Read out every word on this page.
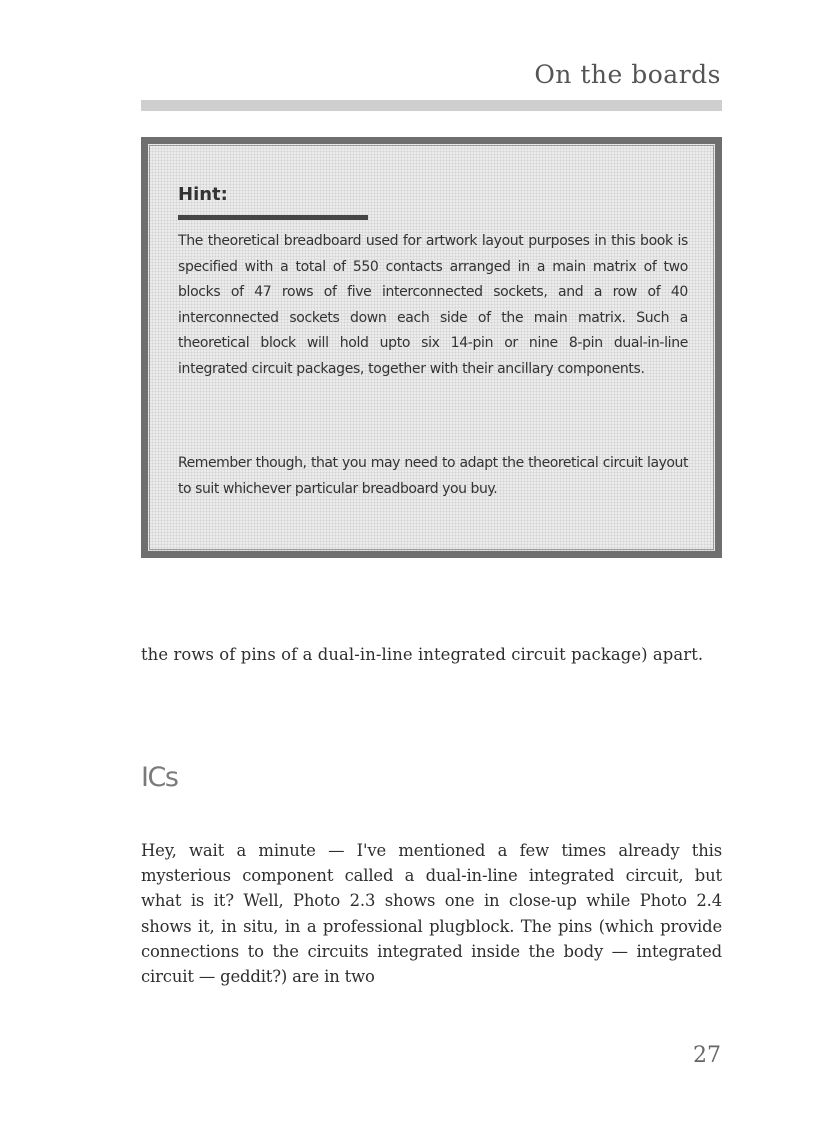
On the boards
Hint:

The theoretical breadboard used for artwork layout purposes in this book is specified with a total of 550 contacts arranged in a main matrix of two blocks of 47 rows of five interconnected sockets, and a row of 40 interconnected sockets down each side of the main matrix. Such a theoretical block will hold upto six 14-pin or nine 8-pin dual-in-line integrated circuit packages, together with their ancillary components.

Remember though, that you may need to adapt the theoretical circuit layout to suit whichever particular breadboard you buy.

the rows of pins of a dual-in-line integrated circuit package) apart.

ICs

Hey, wait a minute — I've mentioned a few times already this mysterious component called a dual-in-line integrated circuit, but what is it? Well, Photo 2.3 shows one in close-up while Photo 2.4 shows it, in situ, in a professional plugblock. The pins (which provide connections to the circuits integrated inside the body — integrated circuit — geddit?) are in two

27
